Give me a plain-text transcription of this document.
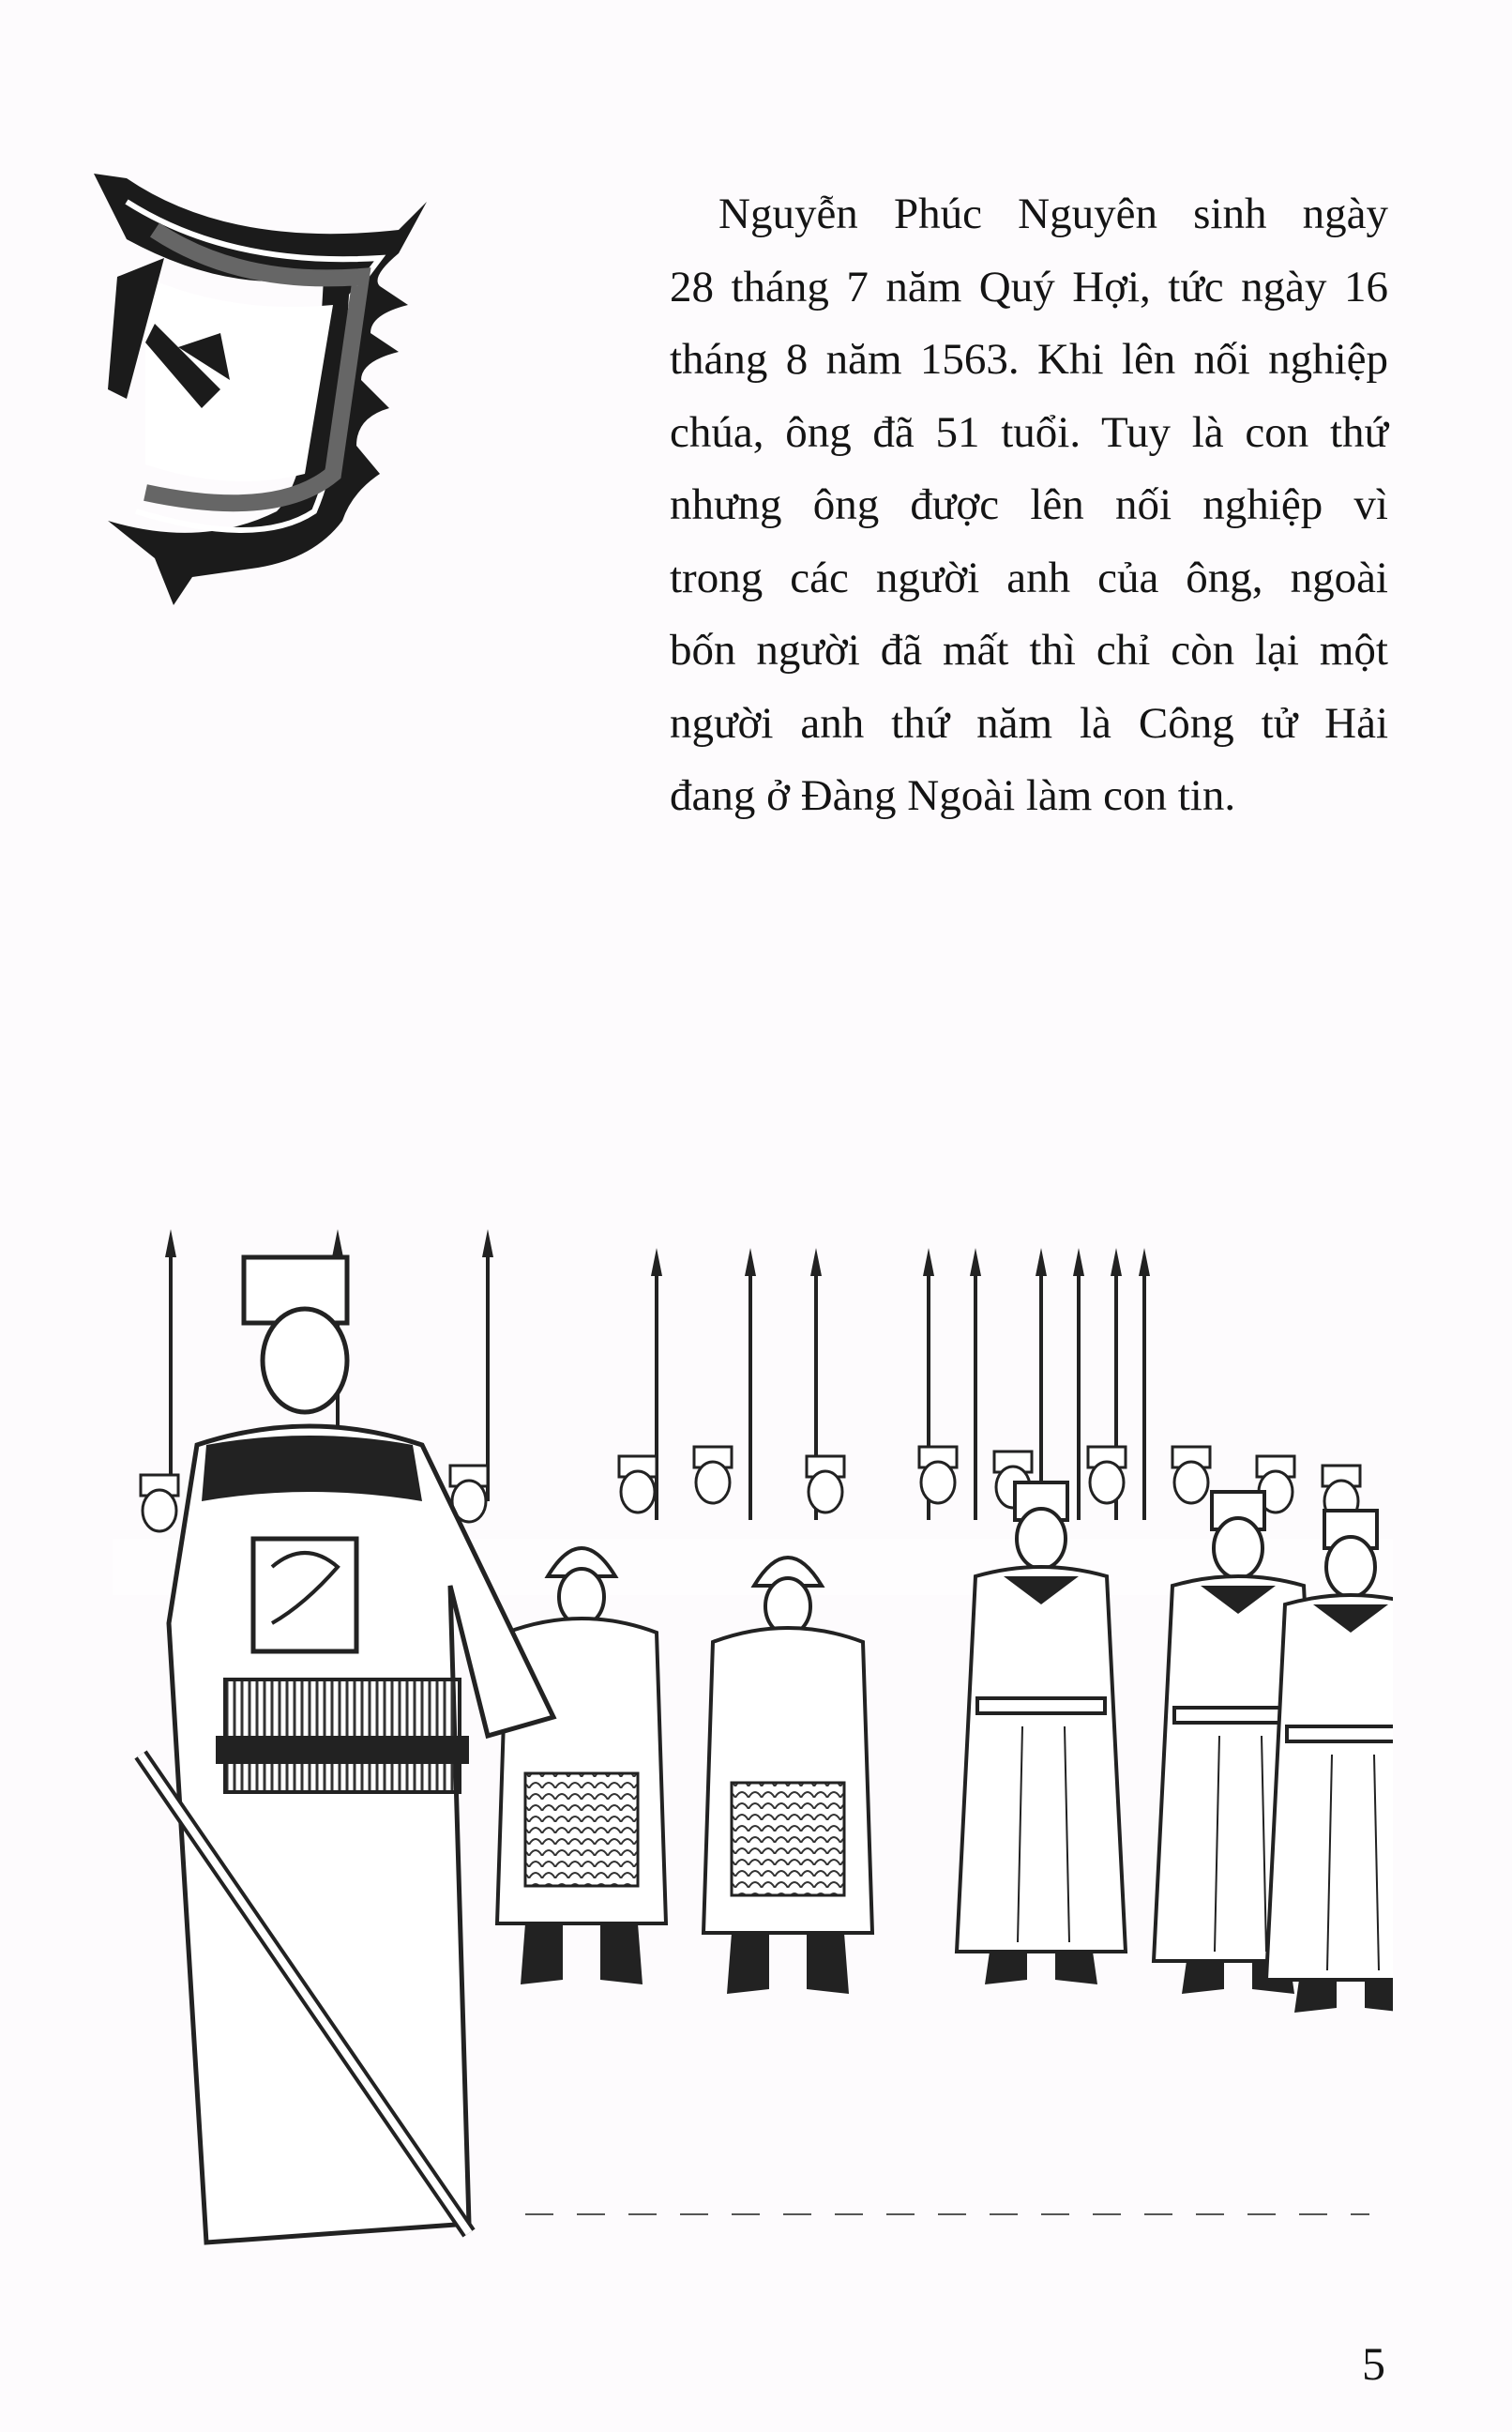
Nguyễn Phúc Nguyên sinh ngày
28 tháng 7 năm Quý Hợi, tức ngày 16
tháng 8 năm 1563. Khi lên nối nghiệp
chúa, ông đã 51 tuổi. Tuy là con thứ
nhưng ông được lên nối nghiệp vì
trong các người anh của ông, ngoài
bốn người đã mất thì chỉ còn lại một
người anh thứ năm là Công tử Hải
đang ở Đàng Ngoài làm con tin.
5
